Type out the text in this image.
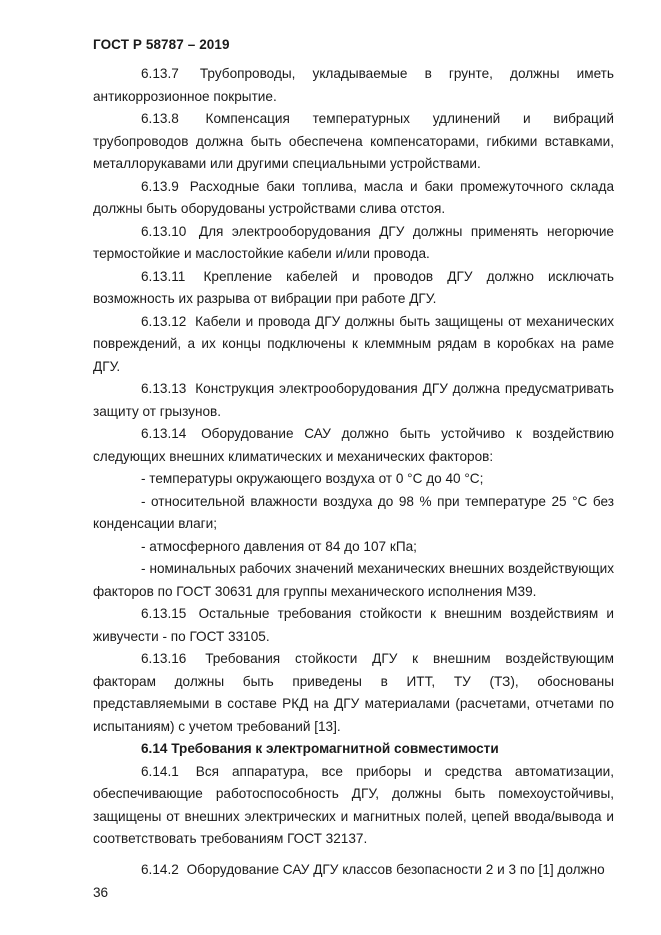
ГОСТ Р 58787 – 2019

6.13.7 Трубопроводы, укладываемые в грунте, должны иметь антикоррозионное покрытие.

6.13.8 Компенсация температурных удлинений и вибраций трубопроводов должна быть обеспечена компенсаторами, гибкими вставками, металлорукавами или другими специальными устройствами.

6.13.9 Расходные баки топлива, масла и баки промежуточного склада должны быть оборудованы устройствами слива отстоя.

6.13.10 Для электрооборудования ДГУ должны применять негорючие термостойкие и маслостойкие кабели и/или провода.

6.13.11 Крепление кабелей и проводов ДГУ должно исключать возможность их разрыва от вибрации при работе ДГУ.

6.13.12 Кабели и провода ДГУ должны быть защищены от механических повреждений, а их концы подключены к клеммным рядам в коробках на раме ДГУ.

6.13.13 Конструкция электрооборудования ДГУ должна предусматривать защиту от грызунов.

6.13.14 Оборудование САУ должно быть устойчиво к воздействию следующих внешних климатических и механических факторов:

- температуры окружающего воздуха от 0 °С до 40 °С;

- относительной влажности воздуха до 98 % при температуре 25 °С без конденсации влаги;

- атмосферного давления от 84 до 107 кПа;

- номинальных рабочих значений механических внешних воздействующих факторов по ГОСТ 30631 для группы механического исполнения М39.

6.13.15 Остальные требования стойкости к внешним воздействиям и живучести - по ГОСТ 33105.

6.13.16 Требования стойкости ДГУ к внешним воздействующим факторам должны быть приведены в ИТТ, ТУ (ТЗ), обоснованы представляемыми в составе РКД на ДГУ материалами (расчетами, отчетами по испытаниям) с учетом требований [13].

6.14 Требования к электромагнитной совместимости

6.14.1 Вся аппаратура, все приборы и средства автоматизации, обеспечивающие работоспособность ДГУ, должны быть помехоустойчивы, защищены от внешних электрических и магнитных полей, цепей ввода/вывода и соответствовать требованиям ГОСТ 32137.

6.14.2 Оборудование САУ ДГУ классов безопасности 2 и 3 по [1] должно

36
